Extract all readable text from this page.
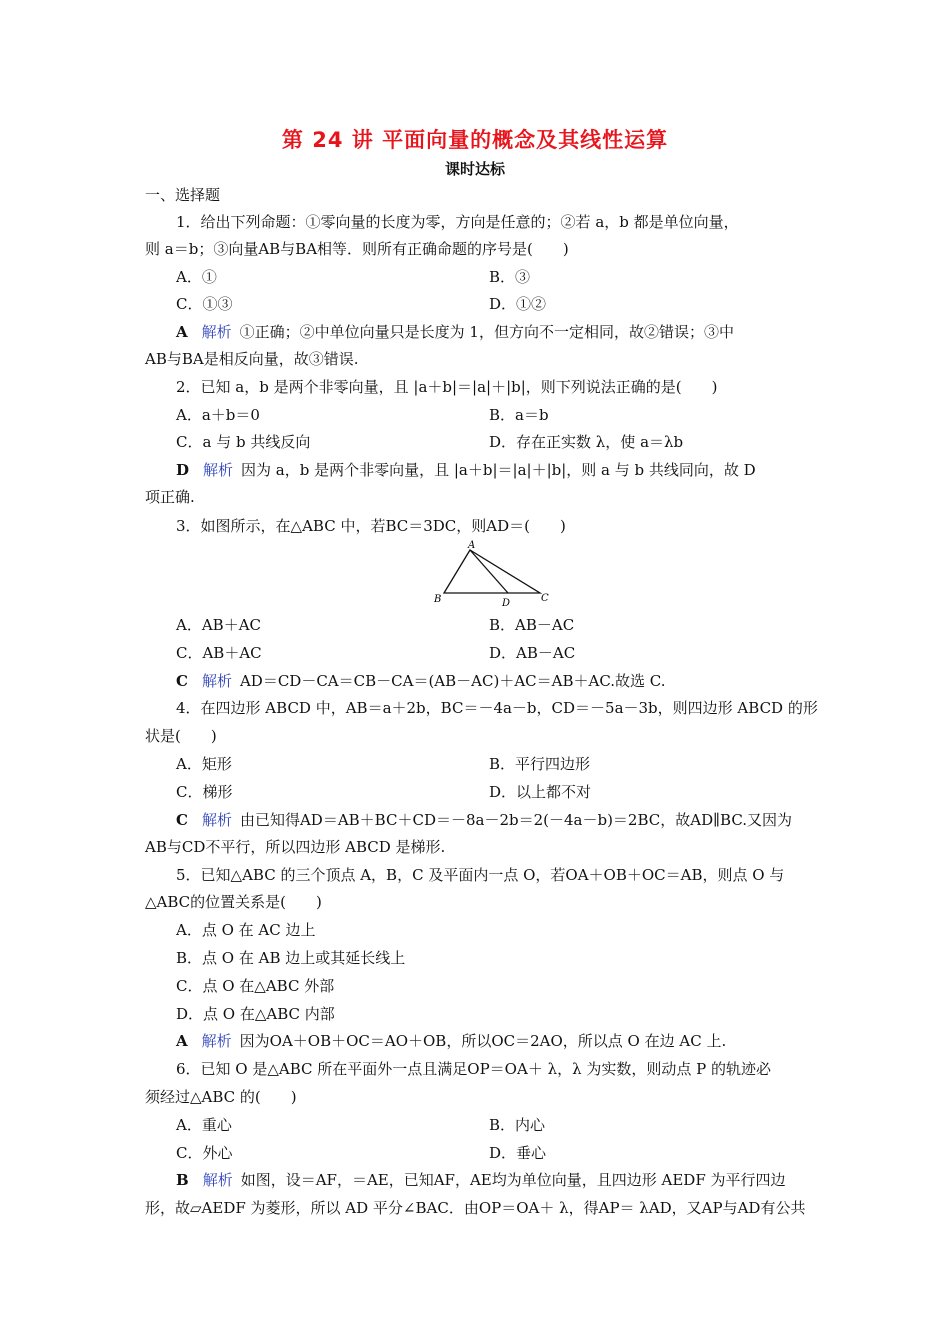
第 24 讲 平面向量的概念及其线性运算
课时达标
一、选择题
1．给出下列命题：①零向量的长度为零，方向是任意的；②若 a，b 都是单位向量，
则 a＝b；③向量AB与BA相等．则所有正确命题的序号是(　　)
A．①	B．③
C．①③	D．①②
A 解析 ①正确；②中单位向量只是长度为 1，但方向不一定相同，故②错误；③中
AB与BA是相反向量，故③错误.
2．已知 a，b 是两个非零向量，且 |a＋b|＝|a|＋|b|，则下列说法正确的是(　　)
A．a＋b＝0	B．a＝b
C．a 与 b 共线反向	D．存在正实数 λ，使 a＝λb
D 解析 因为 a，b 是两个非零向量，且 |a＋b|＝|a|＋|b|，则 a 与 b 共线同向，故 D
项正确.
3．如图所示，在△ABC 中，若BC＝3DC，则AD＝(　　)
A
B	D	C
A．AB＋AC	B．AB－AC
C．AB＋AC	D．AB－AC
C 解析 AD＝CD－CA＝CB－CA＝(AB－AC)＋AC＝AB＋AC.故选 C.
4．在四边形 ABCD 中，AB＝a＋2b，BC＝－4a－b，CD＝－5a－3b，则四边形 ABCD 的形
状是(　　)
A．矩形	B．平行四边形
C．梯形	D．以上都不对
C 解析 由已知得AD＝AB＋BC＋CD＝－8a－2b＝2(－4a－b)＝2BC，故AD∥BC.又因为
AB与CD不平行，所以四边形 ABCD 是梯形.
5．已知△ABC 的三个顶点 A，B，C 及平面内一点 O，若OA＋OB＋OC＝AB，则点 O 与
△ABC的位置关系是(　　)
A．点 O 在 AC 边上
B．点 O 在 AB 边上或其延长线上
C．点 O 在△ABC 外部
D．点 O 在△ABC 内部
A 解析 因为OA＋OB＋OC＝AO＋OB，所以OC＝2AO，所以点 O 在边 AC 上.
6．已知 O 是△ABC 所在平面外一点且满足OP＝OA＋ λ，λ 为实数，则动点 P 的轨迹必
须经过△ABC 的(　　)
A．重心	B．内心
C．外心	D．垂心
B 解析 如图，设＝AF，＝AE，已知AF，AE均为单位向量，且四边形 AEDF 为平行四边
形，故▱AEDF 为菱形，所以 AD 平分∠BAC．由OP＝OA＋ λ，得AP＝ λAD，又AP与AD有公共
